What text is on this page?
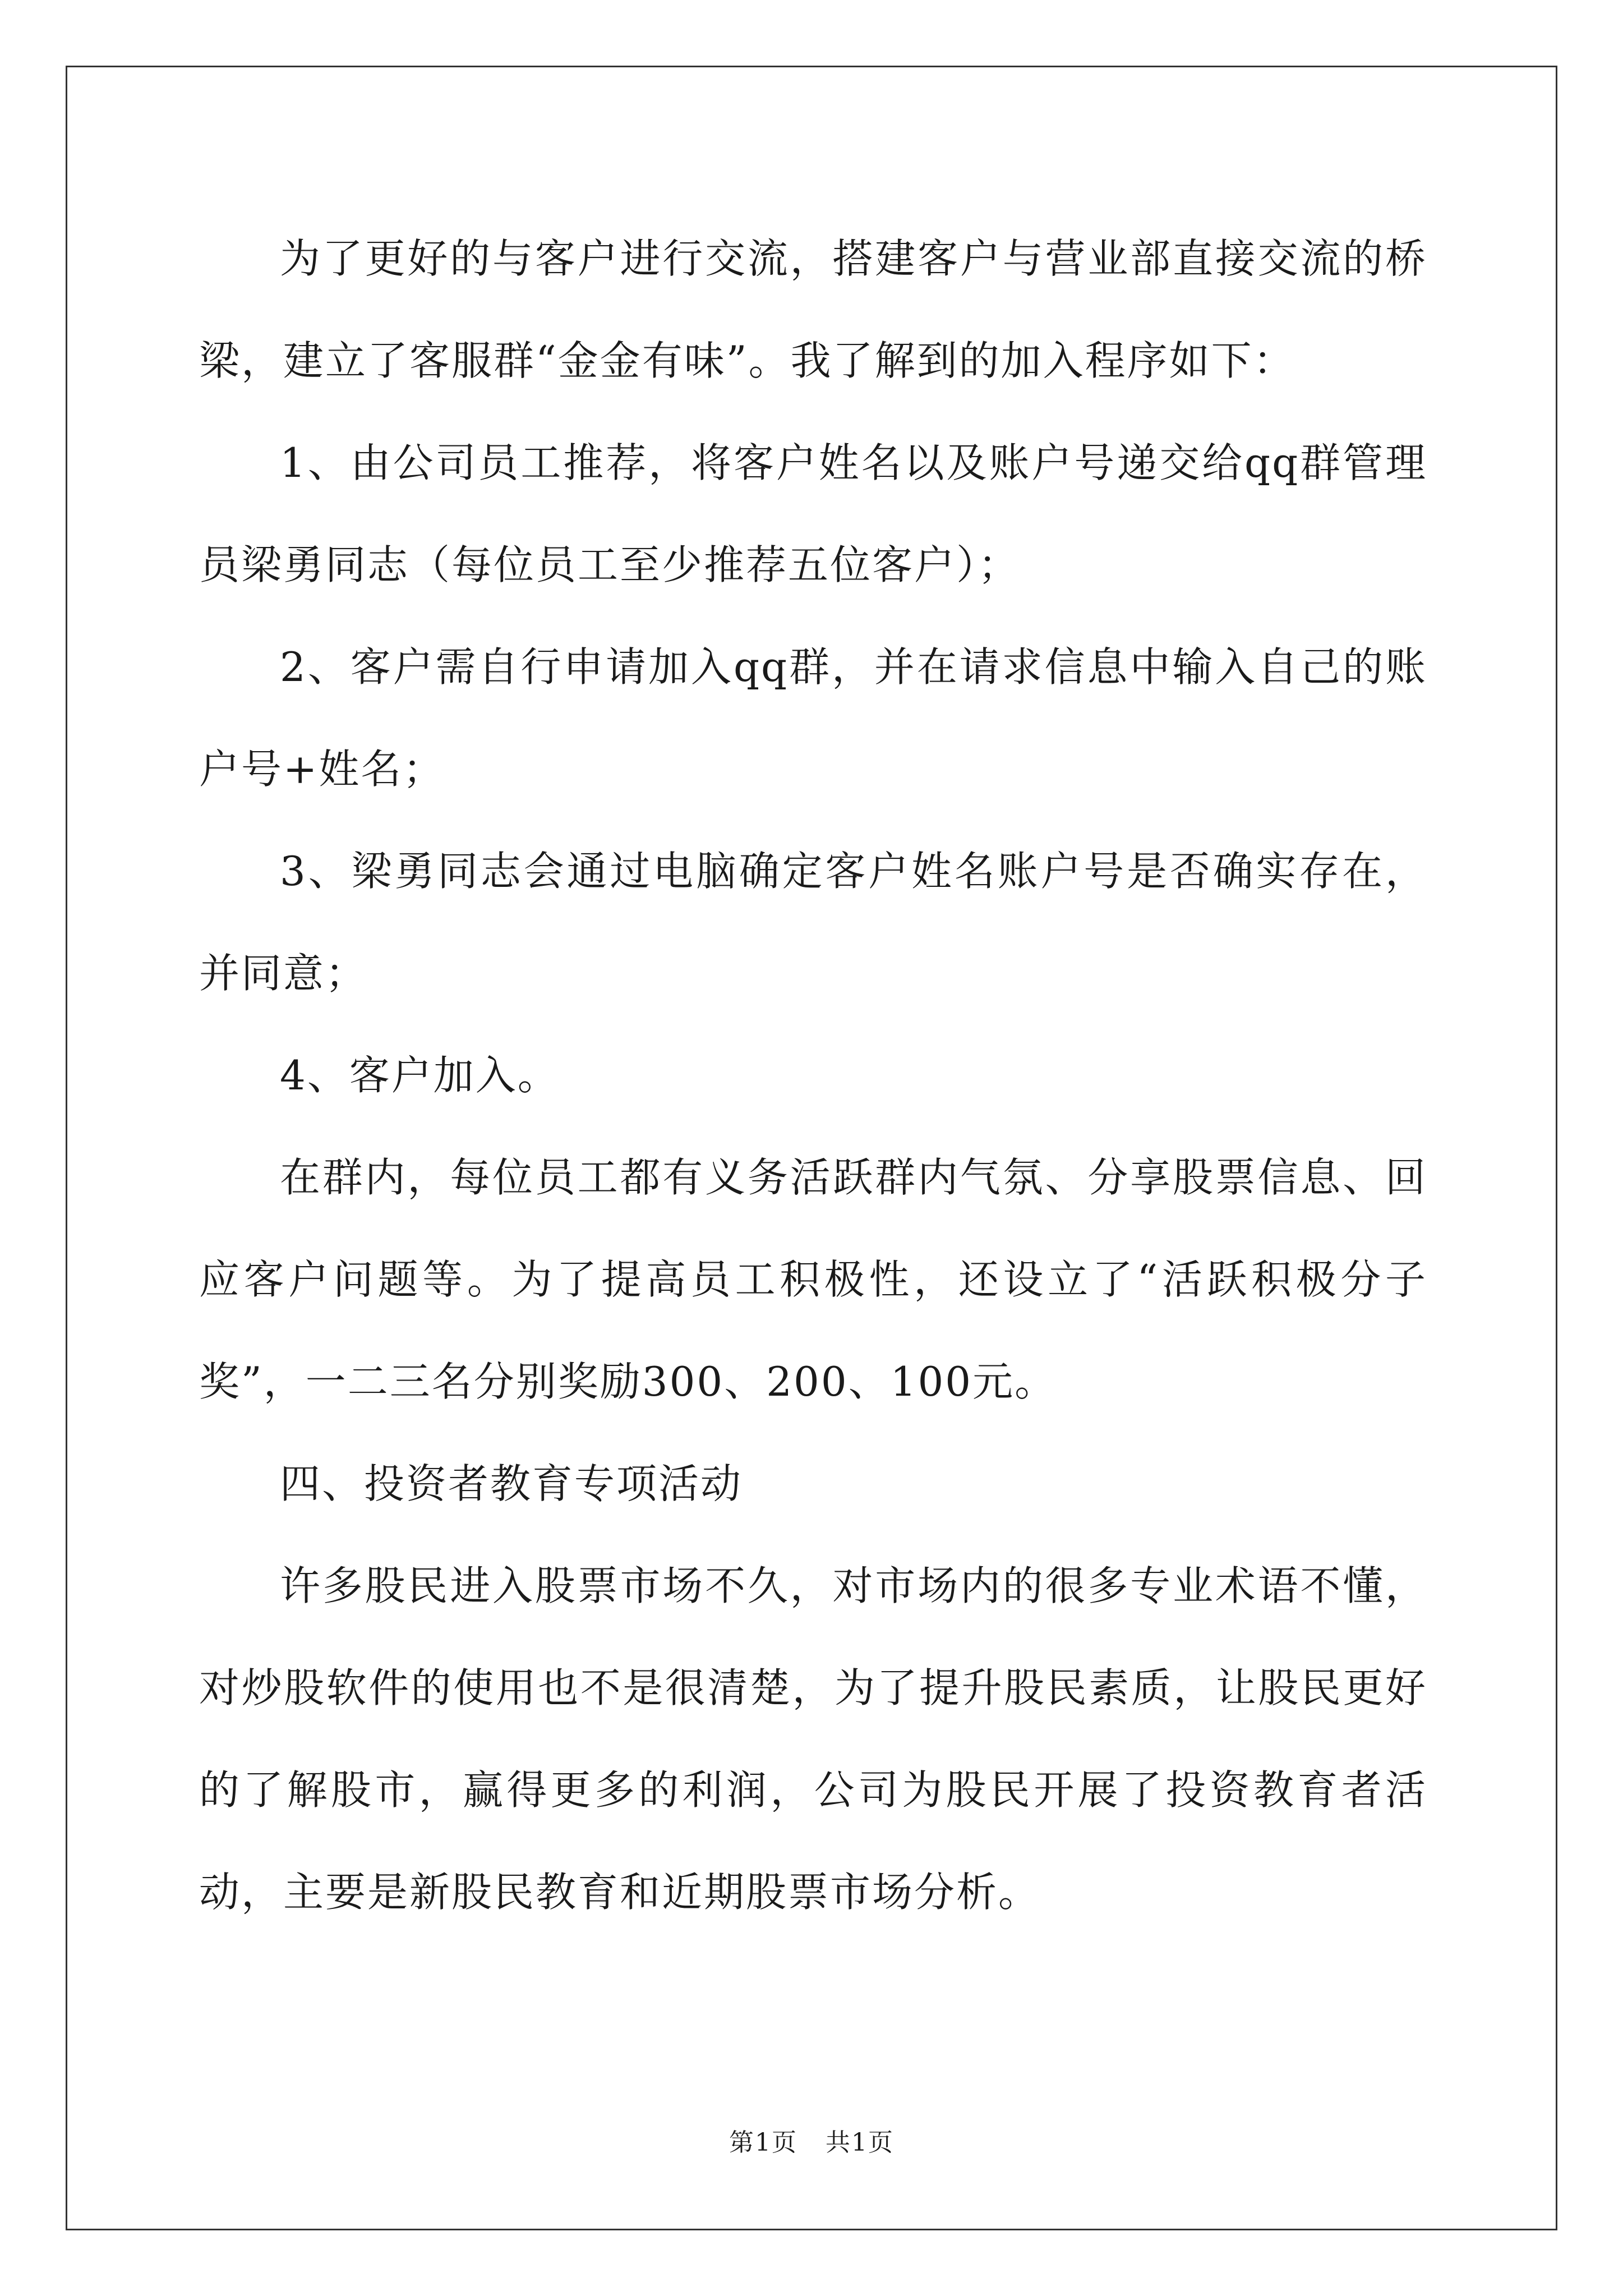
为了更好的与客户进行交流，搭建客户与营业部直接交流的桥梁，建立了客服群“金金有味”。我了解到的加入程序如下：

1、由公司员工推荐，将客户姓名以及账户号递交给qq群管理员梁勇同志（每位员工至少推荐五位客户）；

2、客户需自行申请加入qq群，并在请求信息中输入自己的账户号+姓名；

3、梁勇同志会通过电脑确定客户姓名账户号是否确实存在，并同意；

4、客户加入。

在群内，每位员工都有义务活跃群内气氛、分享股票信息、回应客户问题等。为了提高员工积极性，还设立了“活跃积极分子奖”，一二三名分别奖励300、200、100元。

四、投资者教育专项活动

许多股民进入股票市场不久，对市场内的很多专业术语不懂，对炒股软件的使用也不是很清楚，为了提升股民素质，让股民更好的了解股市，赢得更多的利润，公司为股民开展了投资教育者活动，主要是新股民教育和近期股票市场分析。

第1页 共1页
